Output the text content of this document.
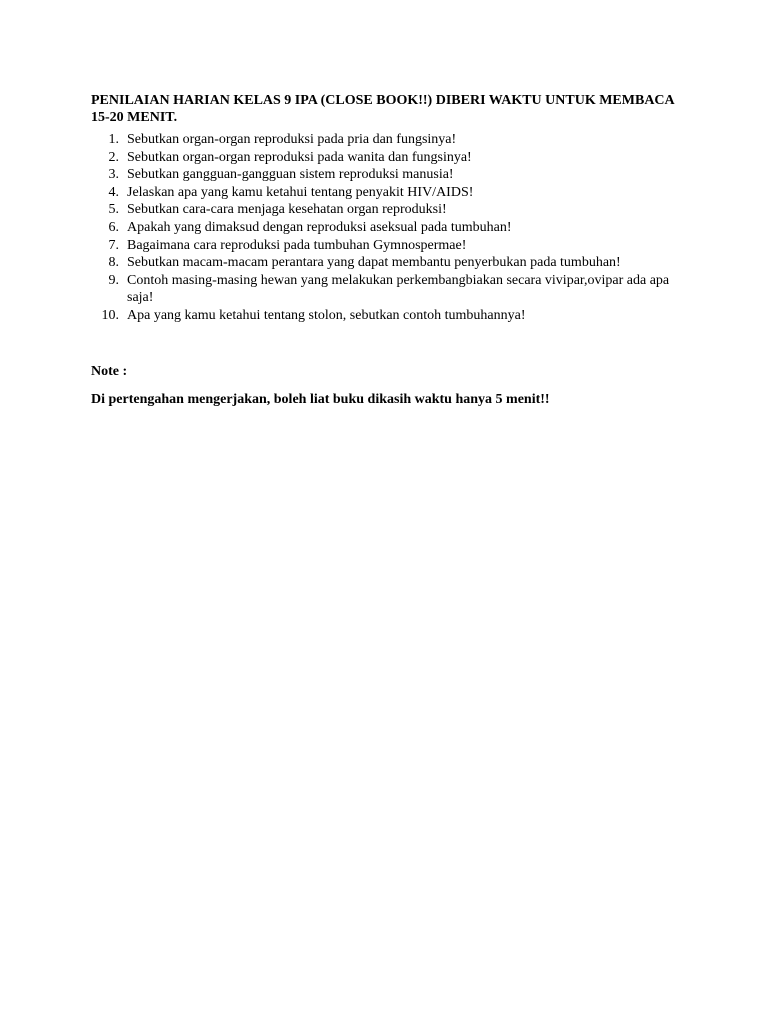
PENILAIAN HARIAN KELAS 9 IPA (CLOSE BOOK!!) DIBERI WAKTU UNTUK MEMBACA 15-20 MENIT.
1. Sebutkan organ-organ reproduksi pada pria dan fungsinya!
2. Sebutkan organ-organ reproduksi pada wanita dan fungsinya!
3. Sebutkan gangguan-gangguan sistem reproduksi manusia!
4. Jelaskan apa yang kamu ketahui tentang penyakit HIV/AIDS!
5. Sebutkan cara-cara menjaga kesehatan organ reproduksi!
6. Apakah yang dimaksud dengan reproduksi aseksual pada tumbuhan!
7. Bagaimana cara reproduksi pada tumbuhan Gymnospermae!
8. Sebutkan macam-macam perantara yang dapat membantu penyerbukan pada tumbuhan!
9. Contoh masing-masing hewan yang melakukan perkembangbiakan secara vivipar,ovipar ada apa saja!
10. Apa yang kamu ketahui tentang stolon, sebutkan contoh tumbuhannya!
Note :
Di pertengahan mengerjakan, boleh liat buku dikasih waktu hanya 5 menit!!
